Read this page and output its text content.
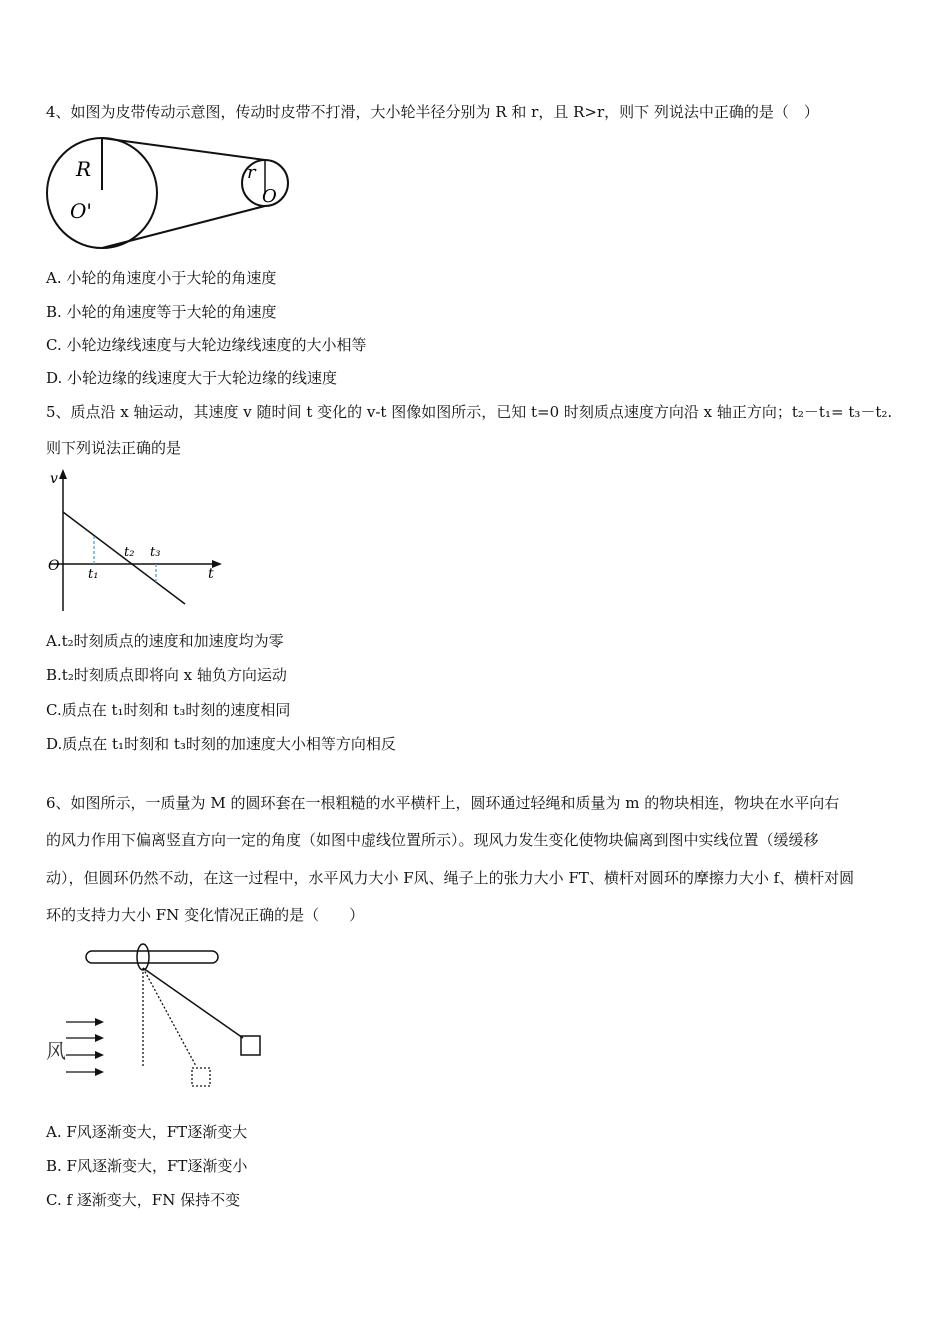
4、如图为皮带传动示意图，传动时皮带不打滑，大小轮半径分别为 R 和 r，且 R>r，则下 列说法中正确的是（　）
R
O'
r
O
A. 小轮的角速度小于大轮的角速度
B. 小轮的角速度等于大轮的角速度
C. 小轮边缘线速度与大轮边缘线速度的大小相等
D. 小轮边缘的线速度大于大轮边缘的线速度
5、质点沿 x 轴运动，其速度 v 随时间 t 变化的 v-t 图像如图所示，已知 t=0 时刻质点速度方向沿 x 轴正方向；t₂－t₁= t₃－t₂.
则下列说法正确的是
v
t
O
t₁
t₂ t₃
A.t₂时刻质点的速度和加速度均为零
B.t₂时刻质点即将向 x 轴负方向运动
C.质点在 t₁时刻和 t₃时刻的速度相同
D.质点在 t₁时刻和 t₃时刻的加速度大小相等方向相反
6、如图所示，一质量为 M 的圆环套在一根粗糙的水平横杆上，圆环通过轻绳和质量为 m 的物块相连，物块在水平向右
的风力作用下偏离竖直方向一定的角度（如图中虚线位置所示）。现风力发生变化使物块偏离到图中实线位置（缓缓移
动），但圆环仍然不动，在这一过程中，水平风力大小 F风、绳子上的张力大小 FT、横杆对圆环的摩擦力大小 f、横杆对圆
环的支持力大小 FN 变化情况正确的是（　　）
风
A. F风逐渐变大，FT逐渐变大
B. F风逐渐变大，FT逐渐变小
C. f 逐渐变大，FN 保持不变
